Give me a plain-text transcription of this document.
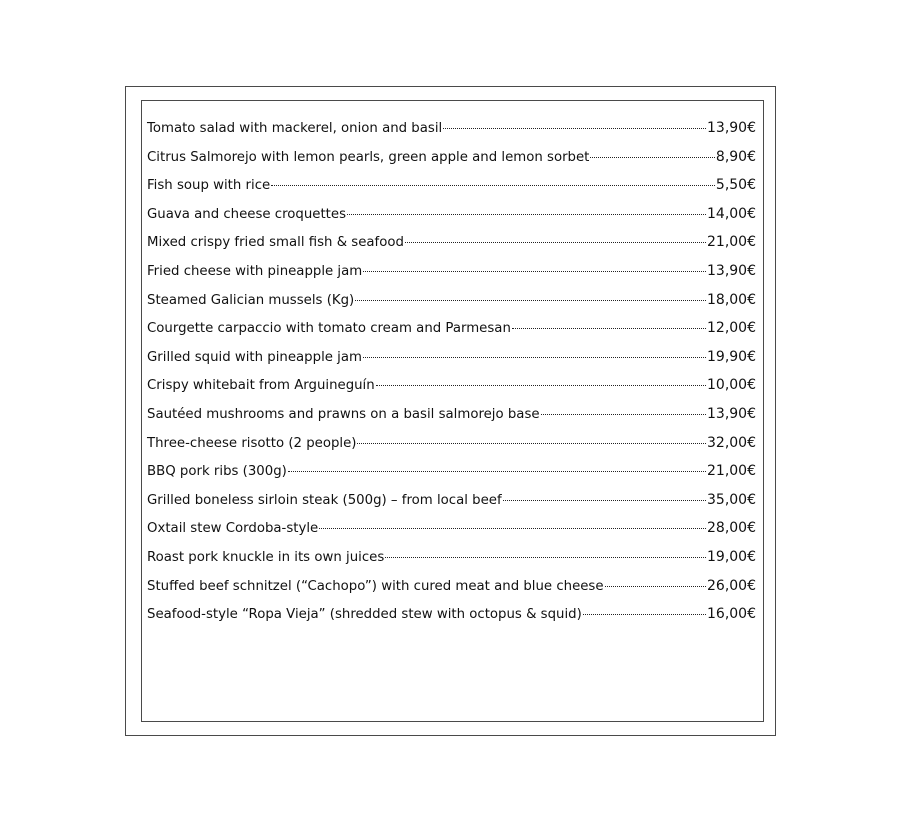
Tomato salad with mackerel, onion and basil	13,90€
Citrus Salmorejo with lemon pearls, green apple and lemon sorbet	8,90€
Fish soup with rice	5,50€
Guava and cheese croquettes	14,00€
Mixed crispy fried small fish & seafood	21,00€
Fried cheese with pineapple jam	13,90€
Steamed Galician mussels (Kg)	18,00€
Courgette carpaccio with tomato cream and Parmesan	12,00€
Grilled squid with pineapple jam	19,90€
Crispy whitebait from Arguineguín	10,00€
Sautéed mushrooms and prawns on a basil salmorejo base	13,90€
Three-cheese risotto (2 people)	32,00€
BBQ pork ribs (300g)	21,00€
Grilled boneless sirloin steak (500g) – from local beef	35,00€
Oxtail stew Cordoba-style	28,00€
Roast pork knuckle in its own juices	19,00€
Stuffed beef schnitzel (“Cachopo”) with cured meat and blue cheese	26,00€
Seafood-style “Ropa Vieja” (shredded stew with octopus & squid)	16,00€
